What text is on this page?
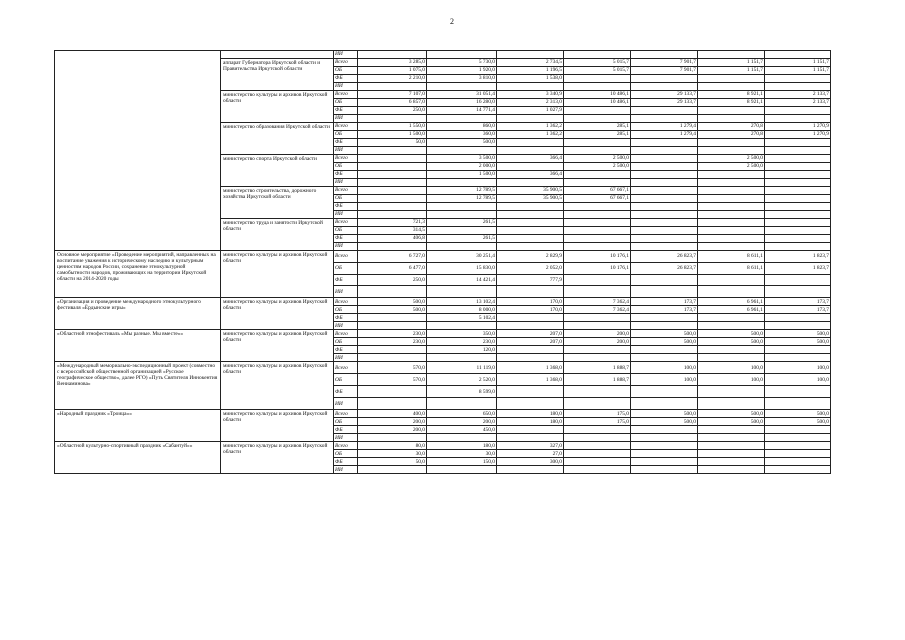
2
		ИИ							
	аппарат Губернатора Иркутской области и Правительства Иркутской области	Всего	3 285,0	5 730,0	2 734,5	5 015,7	7 901,7	1 151,7	1 151,7
		ОБ	1 075,0	1 920,0	1 196,5	5 015,7	7 901,7	1 151,7	1 151,7
		ФБ	2 210,0	3 810,0	1 538,0				
		ИИ							
	министерство культуры и архивов Иркутской области	Всего	7 107,0	31 051,4	3 340,9	10 486,1	29 133,7	8 921,1	2 133,7
		ОБ	6 857,0	16 280,0	2 313,0	10 486,1	29 133,7	8 921,1	2 133,7
		ФБ	250,0	14 771,4	1 027,9				
		ИИ							
	министерство образования Иркутской области	Всего	1 550,0	860,0	1 362,2	285,1	1 279,4	270,8	1 270,9
		ОБ	1 500,0	360,0	1 362,2	285,1	1 279,4	270,8	1 270,9
		ФБ	50,0	500,0					
		ИИ							
	министерство спорта Иркутской области	Всего		3 500,0	366,4	2 500,0		2 500,0	
		ОБ		2 000,0		2 500,0		2 500,0	
		ФБ		1 500,0	366,4				
		ИИ							
	министерство строительства, дорожного хозяйства Иркутской области	Всего		12 789,5	35 900,5	67 667,1			
		ОБ		12 789,5	35 900,5	67 667,1			
		ФБ							
		ИИ							
	министерство труда и занятости Иркутской области	Всего	721,3	261,5					
		ОБ	314,5						
		ФБ	406,8	261,5					
		ИИ							
Основное мероприятие «Проведение мероприятий, направленных на воспитание уважения к историческому наследию и культурным ценностям народов России, сохранение этнокультурной самобытности народов, проживающих на территории Иркутской области на 2014-2020 годы	министерство культуры и архивов Иркутской области	Всего	6 727,0	30 251,4	2 829,9	10 176,1	26 823,7	8 611,1	1 823,7
		ОБ	6 477,0	15 830,0	2 052,0	10 176,1	26 823,7	8 611,1	1 823,7
		ФБ	250,0	14 421,4	777,9				
		ИИ							
«Организация и проведение международного этнокультурного фестиваля «Ёрдынские игры»	министерство культуры и архивов Иркутской области	Всего	500,0	13 102,4	170,0	7 362,4	173,7	6 961,1	173,7
		ОБ	500,0	8 000,0	170,0	7 362,4	173,7	6 961,1	173,7
		ФБ		5 102,4					
		ИИ							
«Областной этнофестиваль «Мы разные. Мы вместе»»	министерство культуры и архивов Иркутской области	Всего	230,0	350,0	207,0	200,0	500,0	500,0	500,0
		ОБ	230,0	230,0	207,0	200,0	500,0	500,0	500,0
		ФБ		120,0					
		ИИ							
«Международный мемориально-экспедиционный проект (совместно с всероссийской общественной организацией «Русское географическое общество», далее РГО) «Путь Святителя Иннокентия Вениаминова»	министерство культуры и архивов Иркутской области	Всего	570,0	11 119,0	1 368,0	1 888,7	100,0	100,0	100,0
		ОБ	570,0	2 520,0	1 368,0	1 888,7	100,0	100,0	100,0
		ФБ		8 599,0					
		ИИ							
«Народный праздник «Троица»»	министерство культуры и архивов Иркутской области	Всего	400,0	650,0	180,0	175,0	500,0	500,0	500,0
		ОБ	200,0	200,0	180,0	175,0	500,0	500,0	500,0
		ФБ	200,0	450,0					
		ИИ							
«Областной культурно-спортивный праздник «Сабантуй»»	министерство культуры и архивов Иркутской области	Всего	80,0	180,0	327,0				
		ОБ	30,0	30,0	27,0				
		ФБ	50,0	150,0	300,0				
		ИИ							
